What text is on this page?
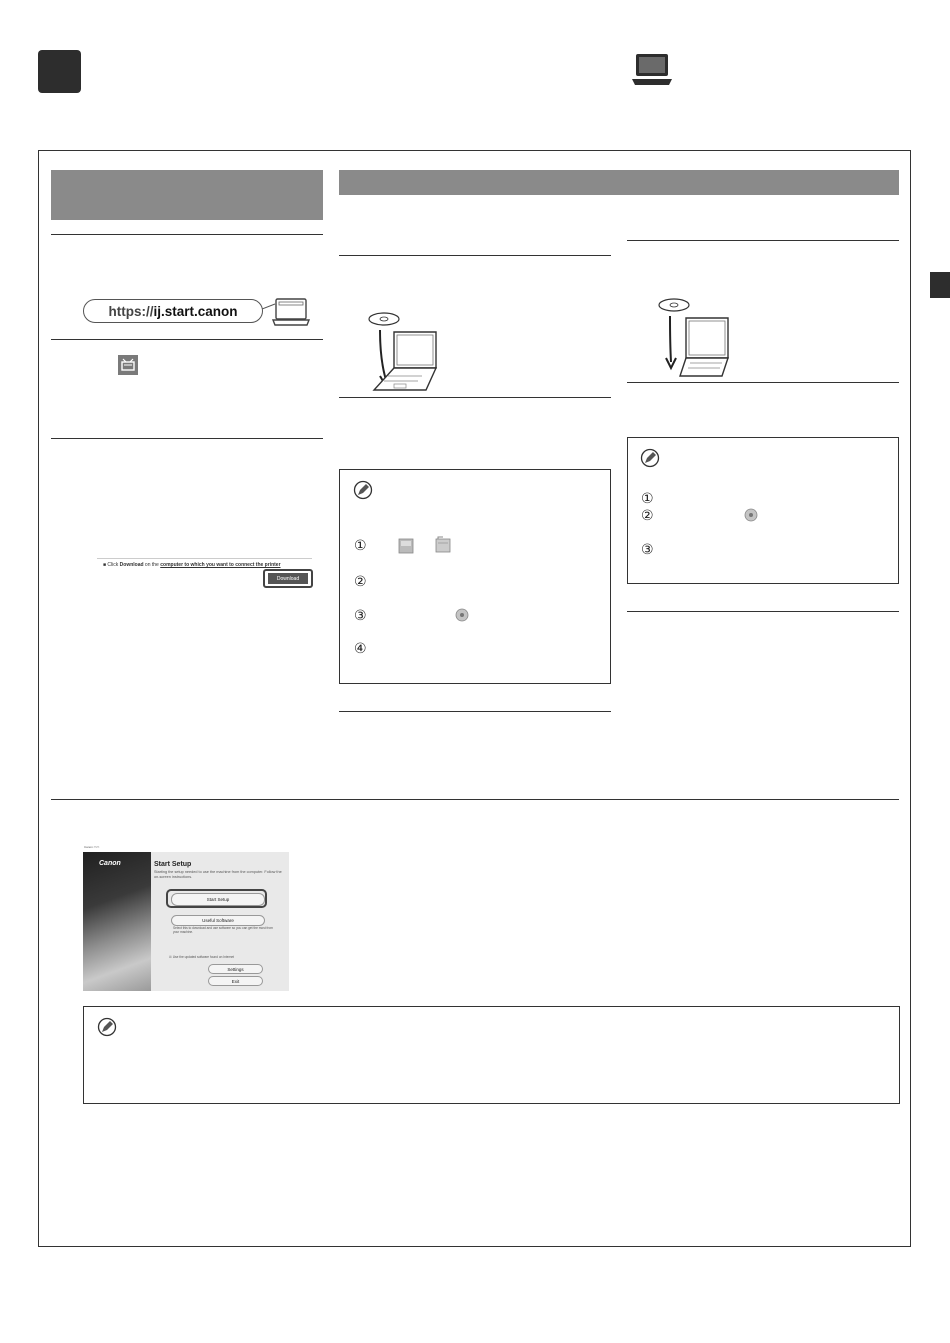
https:// ij.start.canon
■ Click Download on the computer to which you want to connect the printer
Download
①
②
③
④
①
②
③
Canon ▭▭
Canon	Start Setup
Starting the setup needed to use the machine from the computer. Follow the on-screen instructions.
Start Setup
Useful Software
Select this to download and use software so you can get the most from your machine.
☒ Use the updated software found on Internet
Settings
Exit
